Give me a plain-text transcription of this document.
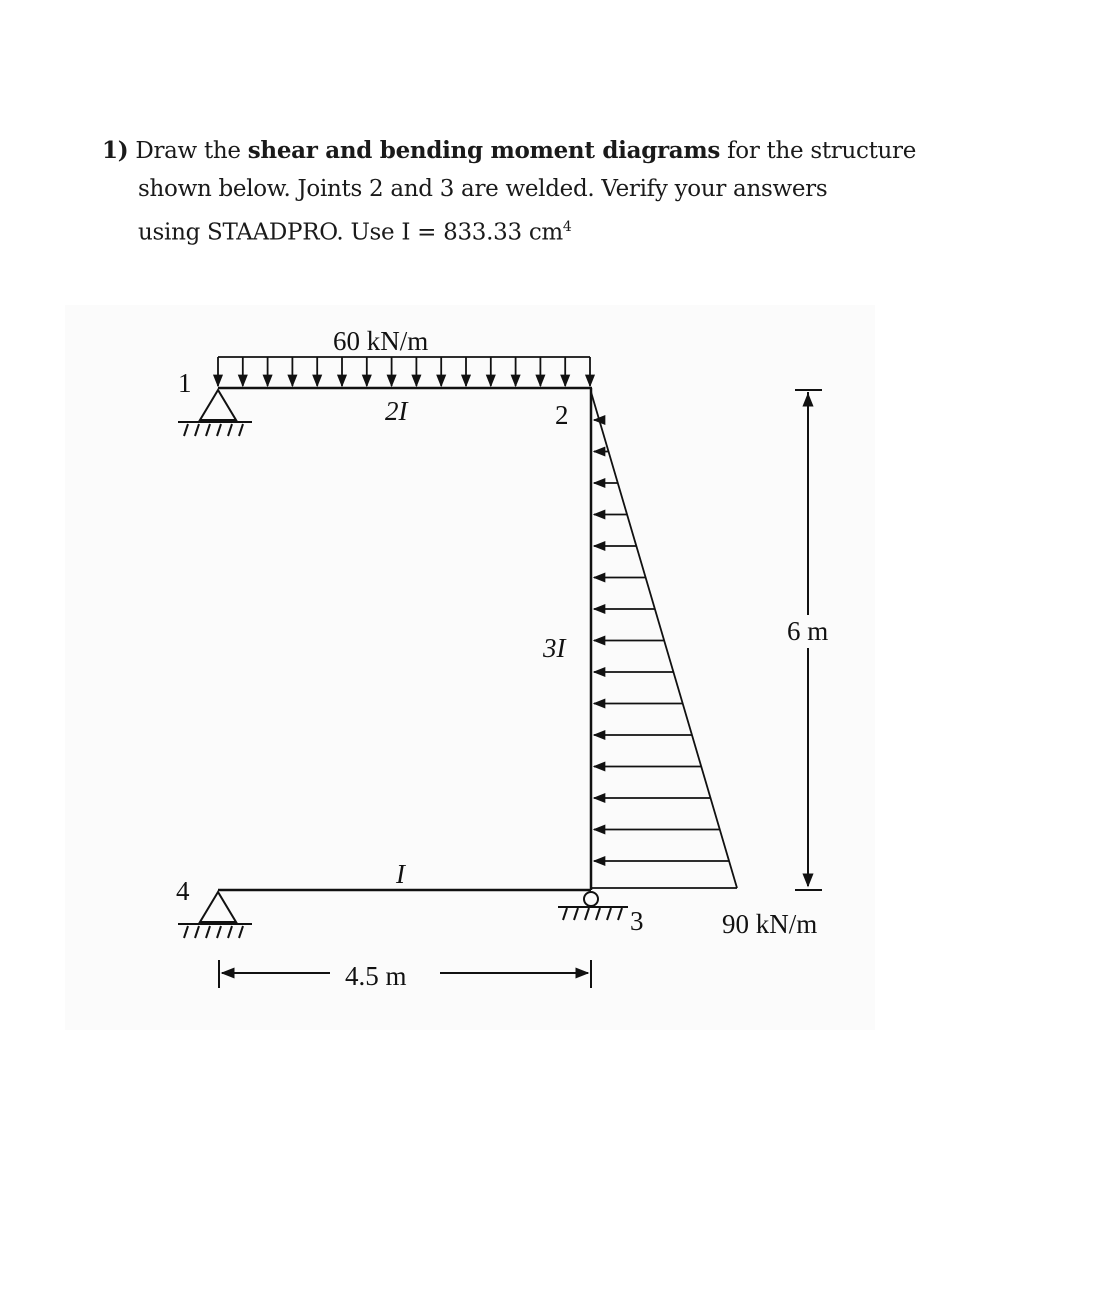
1) Draw the shear and bending moment diagrams for the structure
shown below. Joints 2 and 3 are welded. Verify your answers
using STAADPRO. Use I = 833.33 $cm^4$
60 kN/m
1
2
3
4
2I
3I
I
6 m
4.5 m
90 kN/m
